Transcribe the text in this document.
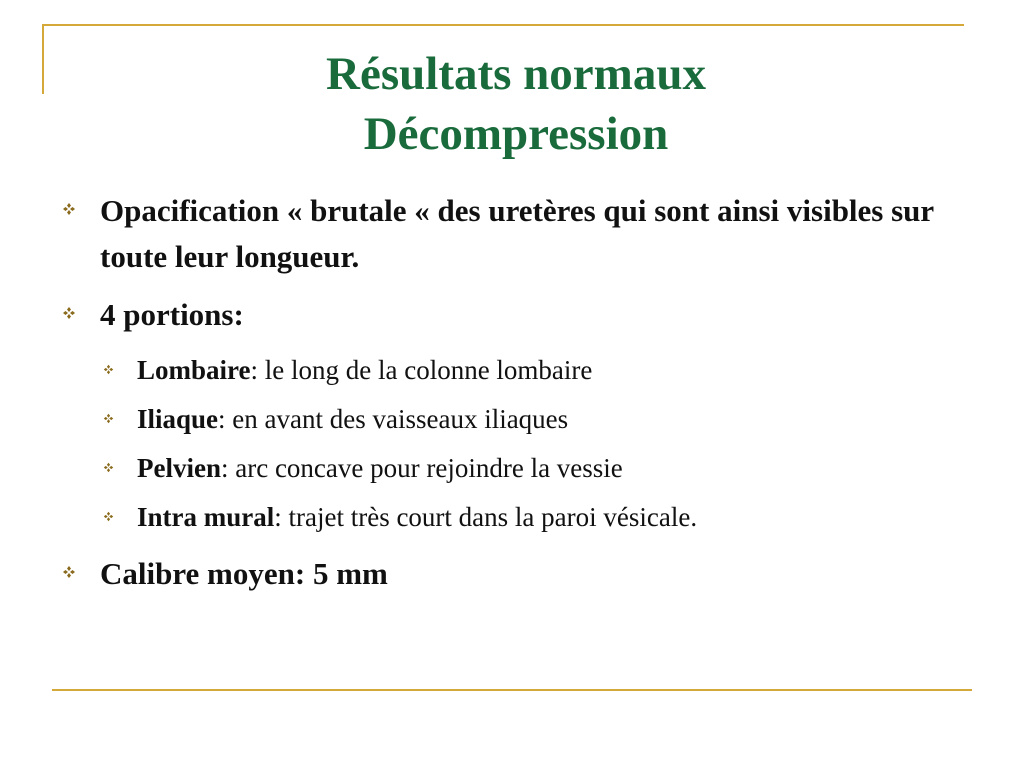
Résultats normaux
Décompression
Opacification « brutale « des uretères qui sont ainsi visibles sur toute leur longueur.
4 portions:
Lombaire: le long de la colonne lombaire
Iliaque: en avant des vaisseaux iliaques
Pelvien: arc concave pour rejoindre la vessie
Intra mural: trajet très court dans la paroi vésicale.
Calibre moyen: 5 mm
